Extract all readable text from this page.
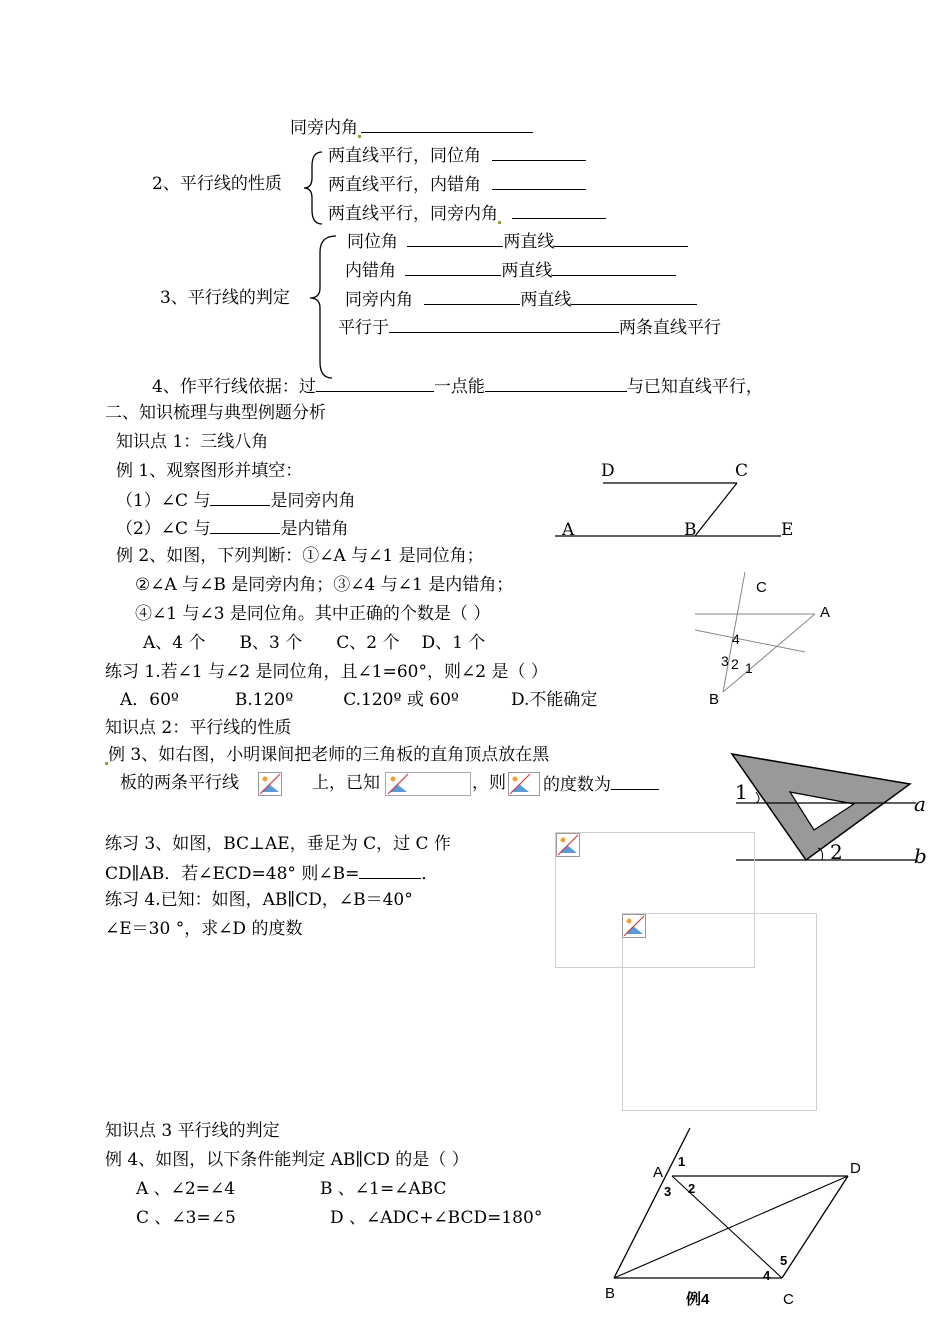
同旁内角
2、平行线的性质
两直线平行，同位角
两直线平行，内错角
两直线平行，同旁内角
3、平行线的判定
同位角	两直线
内错角	两直线
同旁内角	两直线
平行于	两条直线平行
4、作平行线依据：过	一点能	与已知直线平行，
二、知识梳理与典型例题分析
知识点 1：三线八角
例 1、观察图形并填空：
（1）∠C 与	是同旁内角
（2）∠C 与	是内错角
D	C
A	B	E
例 2、如图，下列判断：①∠A 与∠1 是同位角；
②∠A 与∠B 是同旁内角；③∠4 与∠1 是内错角；
④∠1 与∠3 是同位角。其中正确的个数是（ ）
A、4 个 B、3 个 C、2 个 D、1 个
C
A
4
3 2 1
B
练习 1.若∠1 与∠2 是同位角，且∠1=60°，则∠2 是（ ）
A．60º	B.120º	C.120º 或 60º	D.不能确定
知识点 2：平行线的性质
例 3、如右图，小明课间把老师的三角板的直角顶点放在黑
板的两条平行线	上，已知	，则 的度数为	1	a
2	b
练习 3、如图，BC⊥AE，垂足为 C，过 C 作
CD∥AB．若∠ECD=48° 则∠B=	．
练习 4.已知：如图，AB∥CD，∠B＝40°
∠E＝30 °，求∠D 的度数
知识点 3 平行线的判定
例 4、如图，以下条件能判定 AB∥CD 的是（ ）
A 、∠2=∠4	B 、∠1=∠ABC
C 、∠3=∠5	D 、∠ADC+∠BCD=180°
A
1
3 2
D
5
4
B	C
例4
